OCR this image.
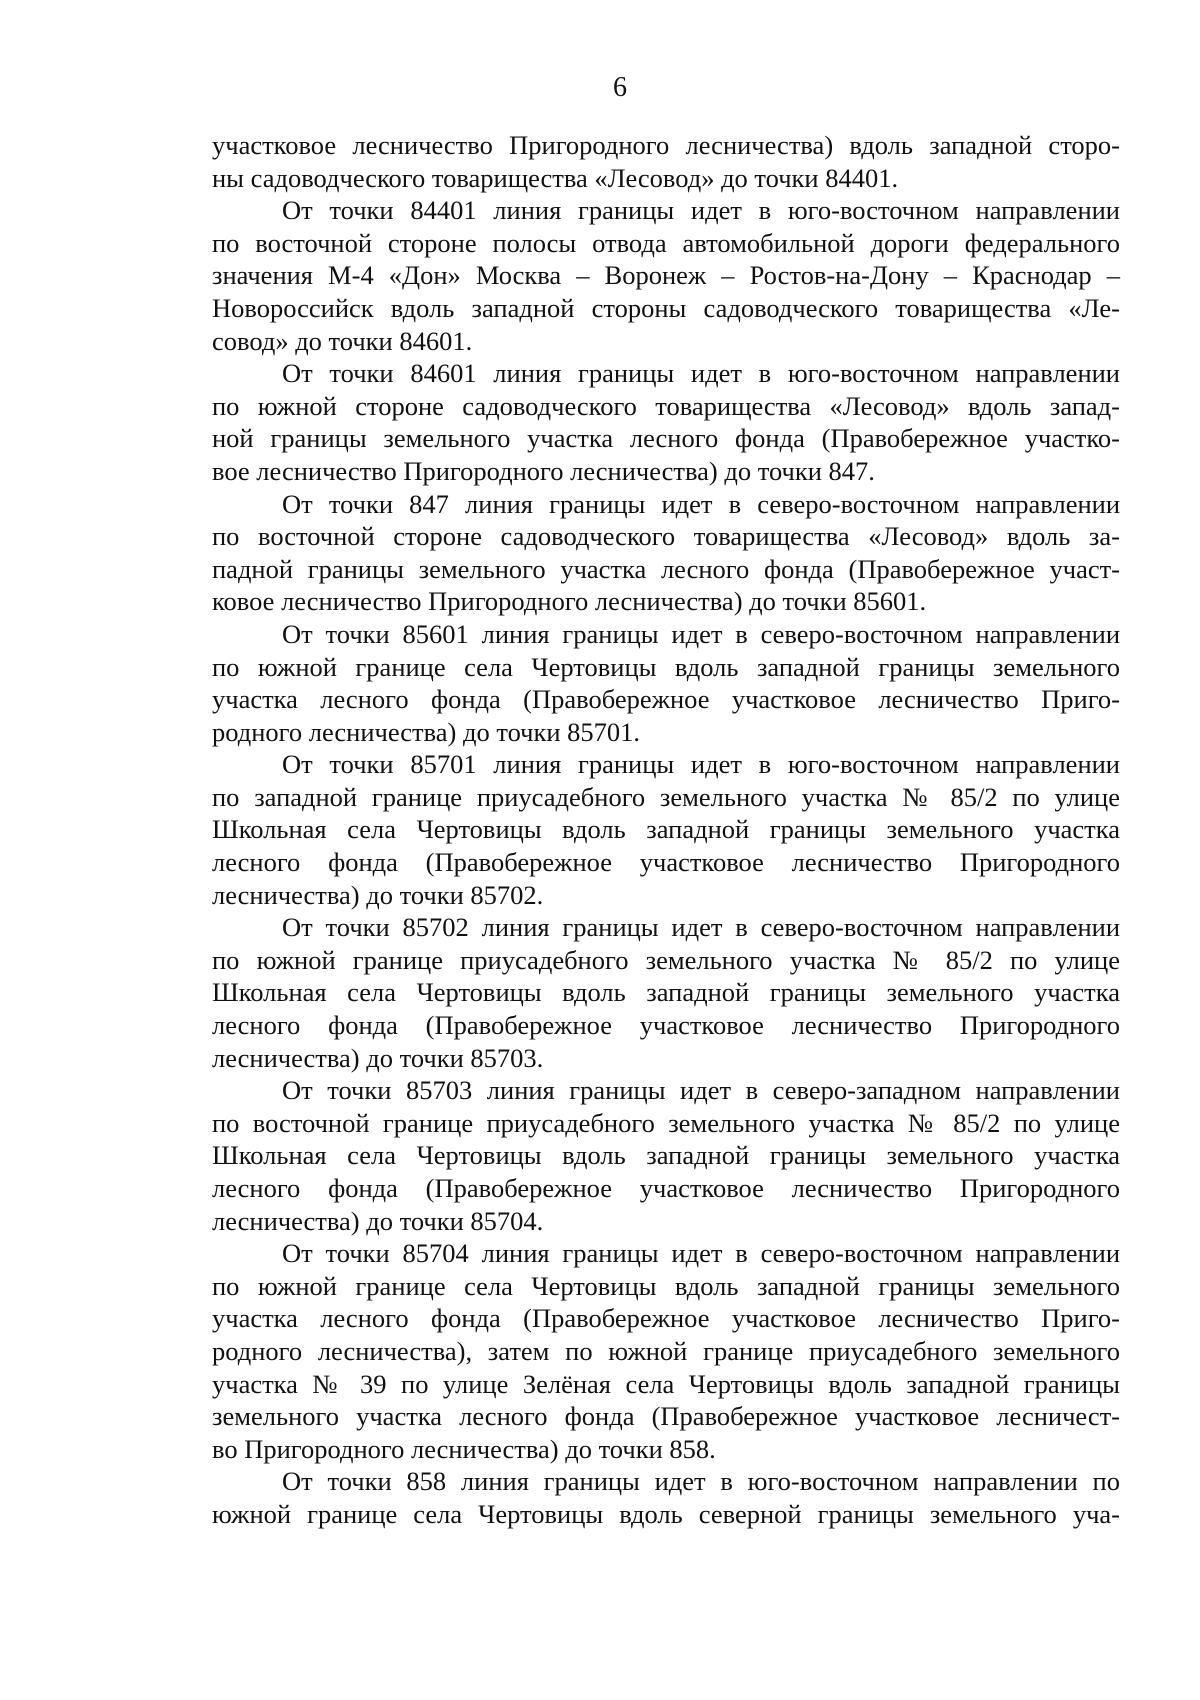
6
участковое лесничество Пригородного лесничества) вдоль западной сторо-
ны садоводческого товарищества «Лесовод» до точки 84401.
От точки 84401 линия границы идет в юго-восточном направлении
по восточной стороне полосы отвода автомобильной дороги федерального
значения М-4 «Дон» Москва – Воронеж – Ростов-на-Дону – Краснодар –
Новороссийск вдоль западной стороны садоводческого товарищества «Ле-
совод» до точки 84601.
От точки 84601 линия границы идет в юго-восточном направлении
по южной стороне садоводческого товарищества «Лесовод» вдоль запад-
ной границы земельного участка лесного фонда (Правобережное участко-
вое лесничество Пригородного лесничества) до точки 847.
От точки 847 линия границы идет в северо-восточном направлении
по восточной стороне садоводческого товарищества «Лесовод» вдоль за-
падной границы земельного участка лесного фонда (Правобережное участ-
ковое лесничество Пригородного лесничества) до точки 85601.
От точки 85601 линия границы идет в северо-восточном направлении
по южной границе села Чертовицы вдоль западной границы земельного
участка лесного фонда (Правобережное участковое лесничество Приго-
родного лесничества) до точки 85701.
От точки 85701 линия границы идет в юго-восточном направлении
по западной границе приусадебного земельного участка № 85/2 по улице
Школьная села Чертовицы вдоль западной границы земельного участка
лесного фонда (Правобережное участковое лесничество Пригородного
лесничества) до точки 85702.
От точки 85702 линия границы идет в северо-восточном направлении
по южной границе приусадебного земельного участка № 85/2 по улице
Школьная села Чертовицы вдоль западной границы земельного участка
лесного фонда (Правобережное участковое лесничество Пригородного
лесничества) до точки 85703.
От точки 85703 линия границы идет в северо-западном направлении
по восточной границе приусадебного земельного участка № 85/2 по улице
Школьная села Чертовицы вдоль западной границы земельного участка
лесного фонда (Правобережное участковое лесничество Пригородного
лесничества) до точки 85704.
От точки 85704 линия границы идет в северо-восточном направлении
по южной границе села Чертовицы вдоль западной границы земельного
участка лесного фонда (Правобережное участковое лесничество Приго-
родного лесничества), затем по южной границе приусадебного земельного
участка № 39 по улице Зелёная села Чертовицы вдоль западной границы
земельного участка лесного фонда (Правобережное участковое лесничест-
во Пригородного лесничества) до точки 858.
От точки 858 линия границы идет в юго-восточном направлении по
южной границе села Чертовицы вдоль северной границы земельного уча-
